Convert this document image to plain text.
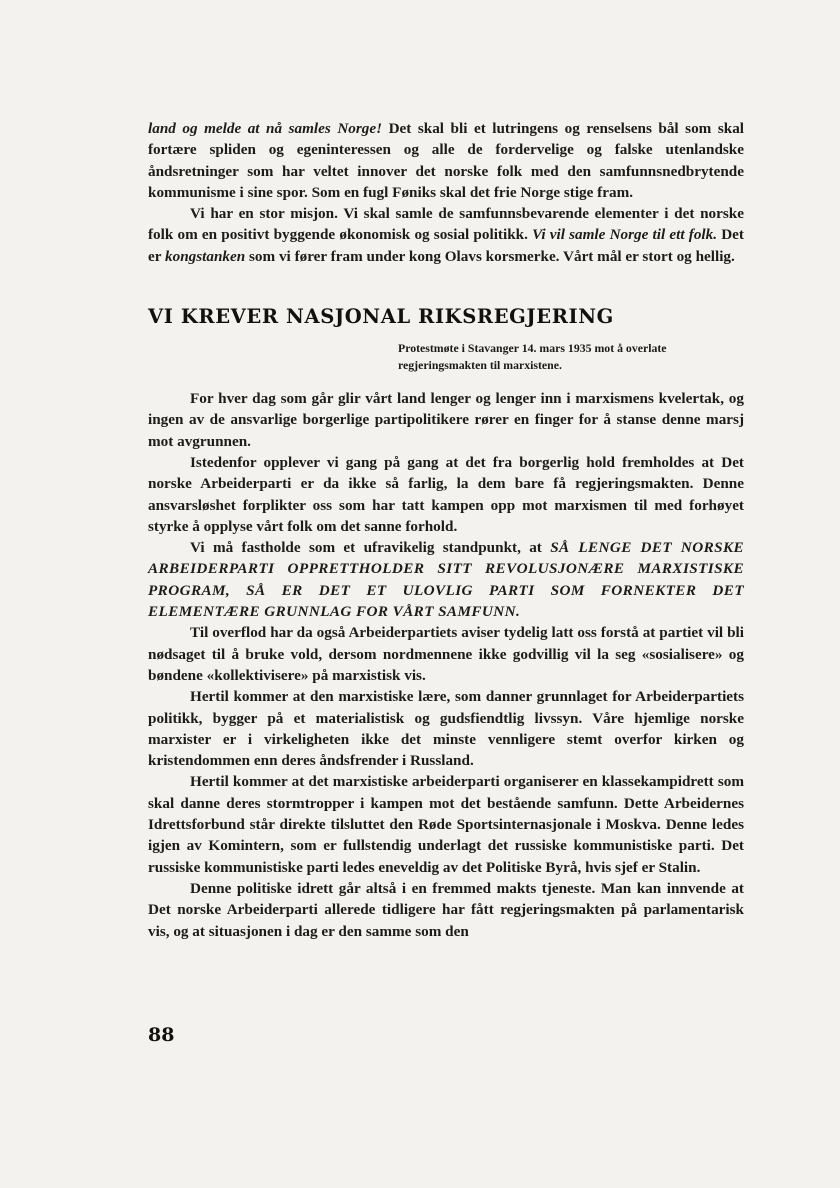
land og melde at nå samles Norge! Det skal bli et lutringens og renselsens bål som skal fortære spliden og egeninteressen og alle de fordervelige og falske utenlandske åndsretninger som har veltet innover det norske folk med den samfunnsnedbrytende kommunisme i sine spor. Som en fugl Føniks skal det frie Norge stige fram.

Vi har en stor misjon. Vi skal samle de samfunnsbevarende elementer i det norske folk om en positivt byggende økonomisk og sosial politikk. Vi vil samle Norge til ett folk. Det er kongstanken som vi fører fram under kong Olavs korsmerke. Vårt mål er stort og hellig.

VI KREVER NASJONAL RIKSREGJERING

Protestmøte i Stavanger 14. mars 1935 mot å overlate regjeringsmakten til marxistene.

For hver dag som går glir vårt land lenger og lenger inn i marxismens kvelertak, og ingen av de ansvarlige borgerlige partipolitikere rører en finger for å stanse denne marsj mot avgrunnen.

Istedenfor opplever vi gang på gang at det fra borgerlig hold fremholdes at Det norske Arbeiderparti er da ikke så farlig, la dem bare få regjeringsmakten. Denne ansvarsløshet forplikter oss som har tatt kampen opp mot marxismen til med forhøyet styrke å opplyse vårt folk om det sanne forhold.

Vi må fastholde som et ufravikelig standpunkt, at SÅ LENGE DET NORSKE ARBEIDERPARTI OPPRETTHOLDER SITT REVOLUSJONÆRE MARXISTISKE PROGRAM, SÅ ER DET ET ULOVLIG PARTI SOM FORNEKTER DET ELEMENTÆRE GRUNNLAG FOR VÅRT SAMFUNN.

Til overflod har da også Arbeiderpartiets aviser tydelig latt oss forstå at partiet vil bli nødsaget til å bruke vold, dersom nordmennene ikke godvillig vil la seg «sosialisere» og bøndene «kollektivisere» på marxistisk vis.

Hertil kommer at den marxistiske lære, som danner grunnlaget for Arbeiderpartiets politikk, bygger på et materialistisk og gudsfiendtlig livssyn. Våre hjemlige norske marxister er i virkeligheten ikke det minste vennligere stemt overfor kirken og kristendommen enn deres åndsfrender i Russland.

Hertil kommer at det marxistiske arbeiderparti organiserer en klassekampidrett som skal danne deres stormtropper i kampen mot det bestående samfunn. Dette Arbeidernes Idrettsforbund står direkte tilsluttet den Røde Sportsinternasjonale i Moskva. Denne ledes igjen av Komintern, som er fullstendig underlagt det russiske kommunistiske parti. Det russiske kommunistiske parti ledes eneveldig av det Politiske Byrå, hvis sjef er Stalin.

Denne politiske idrett går altså i en fremmed makts tjeneste. Man kan innvende at Det norske Arbeiderparti allerede tidligere har fått regjeringsmakten på parlamentarisk vis, og at situasjonen i dag er den samme som den

88
